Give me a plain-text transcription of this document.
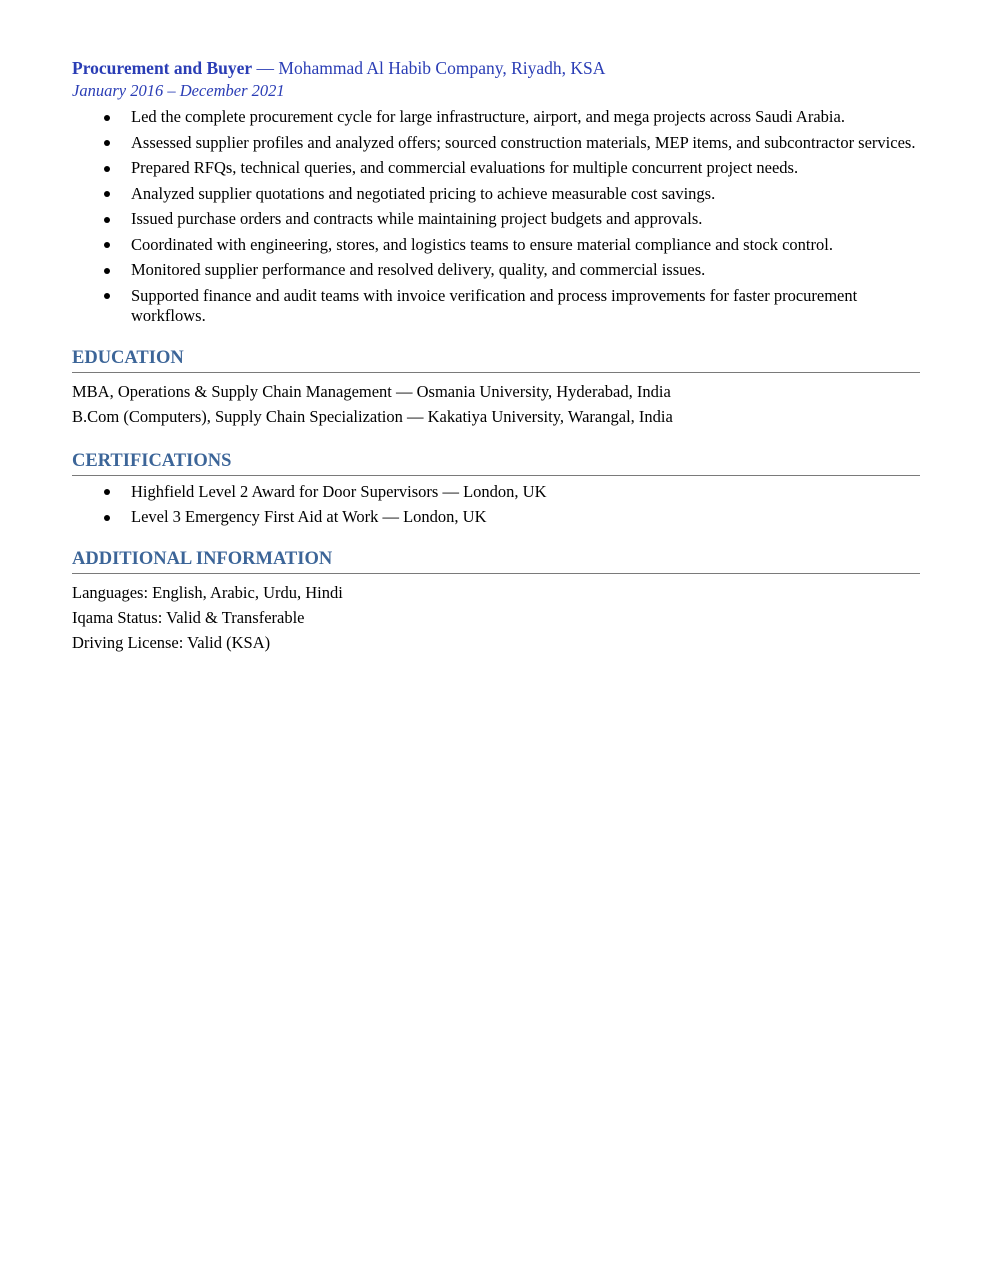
Procurement and Buyer — Mohammad Al Habib Company, Riyadh, KSA
January 2016 – December 2021
Led the complete procurement cycle for large infrastructure, airport, and mega projects across Saudi Arabia.
Assessed supplier profiles and analyzed offers; sourced construction materials, MEP items, and subcontractor services.
Prepared RFQs, technical queries, and commercial evaluations for multiple concurrent project needs.
Analyzed supplier quotations and negotiated pricing to achieve measurable cost savings.
Issued purchase orders and contracts while maintaining project budgets and approvals.
Coordinated with engineering, stores, and logistics teams to ensure material compliance and stock control.
Monitored supplier performance and resolved delivery, quality, and commercial issues.
Supported finance and audit teams with invoice verification and process improvements for faster procurement workflows.
EDUCATION
MBA, Operations & Supply Chain Management — Osmania University, Hyderabad, India
B.Com (Computers), Supply Chain Specialization — Kakatiya University, Warangal, India
CERTIFICATIONS
Highfield Level 2 Award for Door Supervisors — London, UK
Level 3 Emergency First Aid at Work — London, UK
ADDITIONAL INFORMATION
Languages: English, Arabic, Urdu, Hindi
Iqama Status: Valid & Transferable
Driving License: Valid (KSA)
